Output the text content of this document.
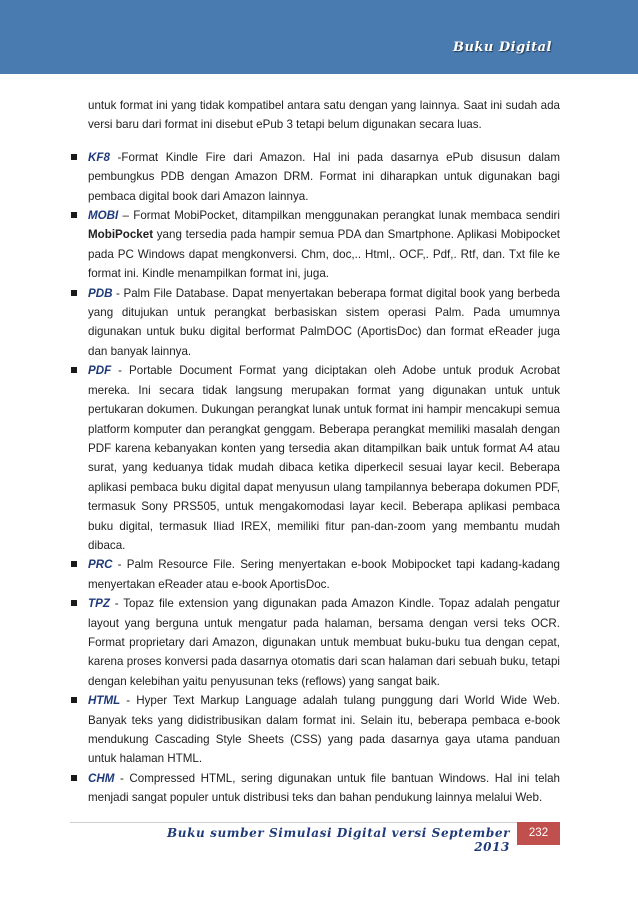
Buku Digital

untuk format ini yang tidak kompatibel antara satu dengan yang lainnya. Saat ini sudah ada versi baru dari format ini disebut ePub 3 tetapi belum digunakan secara luas.

KF8 -Format Kindle Fire dari Amazon. Hal ini pada dasarnya ePub disusun dalam pembungkus PDB dengan Amazon DRM. Format ini diharapkan untuk digunakan bagi pembaca digital book dari Amazon lainnya.
MOBI – Format MobiPocket, ditampilkan menggunakan perangkat lunak membaca sendiri MobiPocket yang tersedia pada hampir semua PDA dan Smartphone. Aplikasi Mobipocket pada PC Windows dapat mengkonversi. Chm, doc,.. Html,. OCF,. Pdf,. Rtf, dan. Txt file ke format ini. Kindle menampilkan format ini, juga.
PDB - Palm File Database. Dapat menyertakan beberapa format digital book yang berbeda yang ditujukan untuk perangkat berbasiskan sistem operasi Palm. Pada umumnya digunakan untuk buku digital berformat PalmDOC (AportisDoc) dan format eReader juga dan banyak lainnya.
PDF - Portable Document Format yang diciptakan oleh Adobe untuk produk Acrobat mereka. Ini secara tidak langsung merupakan format yang digunakan untuk untuk pertukaran dokumen. Dukungan perangkat lunak untuk format ini hampir mencakupi semua platform komputer dan perangkat genggam. Beberapa perangkat memiliki masalah dengan PDF karena kebanyakan konten yang tersedia akan ditampilkan baik untuk format A4 atau surat, yang keduanya tidak mudah dibaca ketika diperkecil sesuai layar kecil. Beberapa aplikasi pembaca buku digital dapat menyusun ulang tampilannya beberapa dokumen PDF, termasuk Sony PRS505, untuk mengakomodasi layar kecil. Beberapa aplikasi pembaca buku digital, termasuk Iliad IREX, memiliki fitur pan-dan-zoom yang membantu mudah dibaca.
PRC - Palm Resource File. Sering menyertakan e-book Mobipocket tapi kadang-kadang menyertakan eReader atau e-book AportisDoc.
TPZ - Topaz file extension yang digunakan pada Amazon Kindle. Topaz adalah pengatur layout yang berguna untuk mengatur pada halaman, bersama dengan versi teks OCR. Format proprietary dari Amazon, digunakan untuk membuat buku-buku tua dengan cepat, karena proses konversi pada dasarnya otomatis dari scan halaman dari sebuah buku, tetapi dengan kelebihan yaitu penyusunan teks (reflows) yang sangat baik.
HTML - Hyper Text Markup Language adalah tulang punggung dari World Wide Web. Banyak teks yang didistribusikan dalam format ini. Selain itu, beberapa pembaca e-book mendukung Cascading Style Sheets (CSS) yang pada dasarnya gaya utama panduan untuk halaman HTML.
CHM - Compressed HTML, sering digunakan untuk file bantuan Windows. Hal ini telah menjadi sangat populer untuk distribusi teks dan bahan pendukung lainnya melalui Web.
Buku sumber Simulasi Digital versi September 2013
232
